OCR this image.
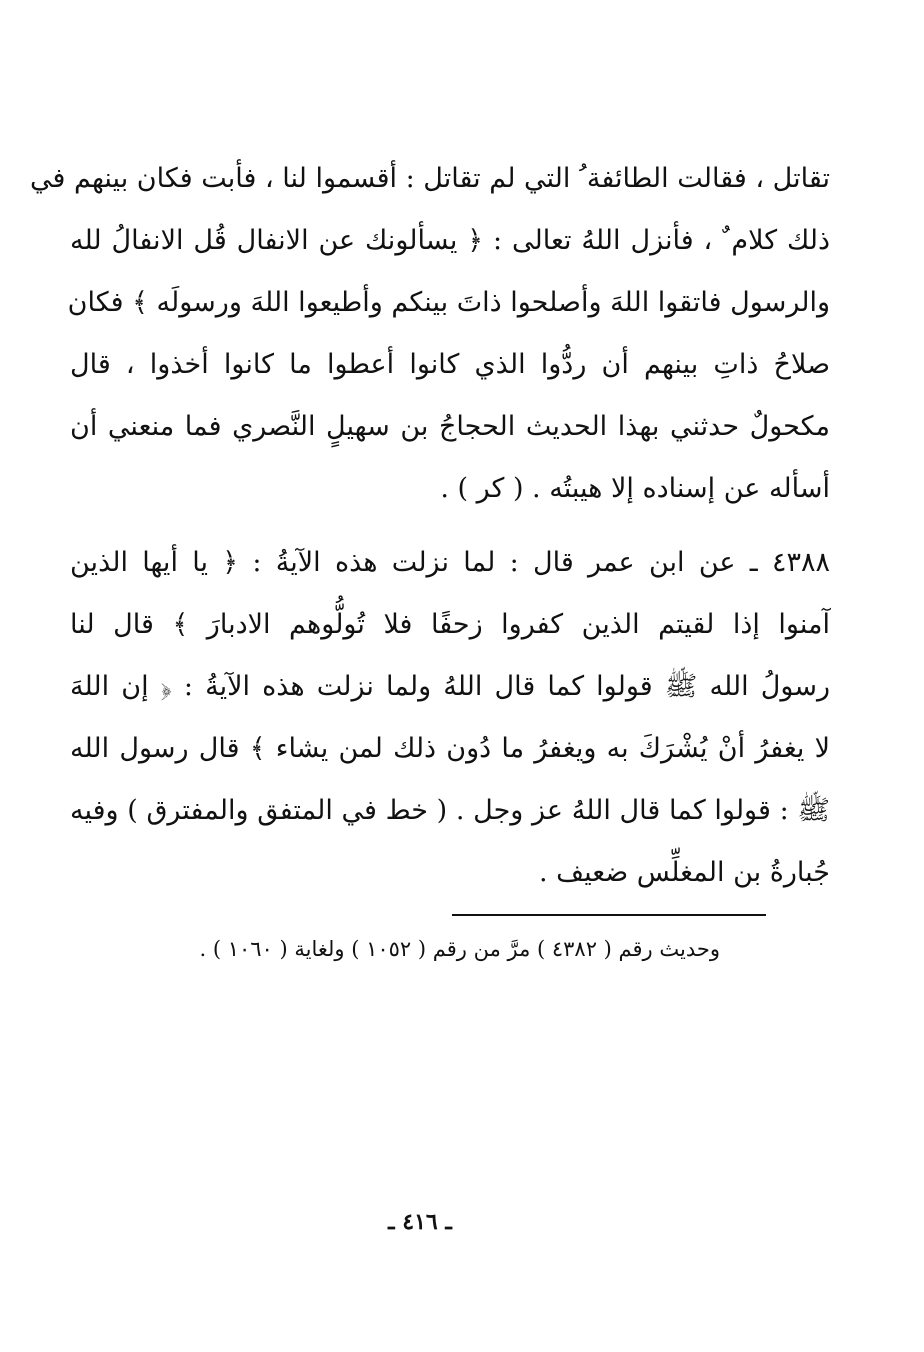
تقاتل ، فقالت الطائفة ُ التي لم تقاتل : أقسموا لنا ، فأبت فكان بينهم في
ذلك كلام ٌ ، فأنزل اللهُ تعالى : ﴿ يسألونك عن الانفال قُل الانفالُ لله
والرسول فاتقوا اللهَ وأصلحوا ذاتَ بينكم وأطيعوا اللهَ ورسولَه ﴾ فكان
صلاحُ ذاتِ بينهم أن ردُّوا الذي كانوا أعطوا ما كانوا أخذوا ، قال
مكحولٌ حدثني بهذا الحديث الحجاجُ بن سهيلٍ النَّصري فما منعني أن
أسأله عن إسناده إلا هيبتُه . ( كر ) .
٤٣٨٨ ـ عن ابن عمر قال : لما نزلت هذه الآيةُ : ﴿ يا أيها الذين
آمنوا إذا لقيتم الذين كفروا زحفًا فلا تُولُّوهم الادبارَ ﴾ قال لنا
رسولُ الله ﷺ قولوا كما قال اللهُ ولما نزلت هذه الآيةُ : ﴿ إن اللهَ
لا يغفرُ أنْ يُشْرَكَ به ويغفرُ ما دُون ذلك لمن يشاء ﴾ قال رسول الله
ﷺ : قولوا كما قال اللهُ عز وجل . ( خط في المتفق والمفترق ) وفيه
جُبارةُ بن المغلِّس ضعيف .
وحديث رقم ( ٤٣٨٢ ) مرَّ من رقم ( ١٠٥٢ ) ولغاية ( ١٠٦٠ ) .
ـ ٤١٦ ـ
